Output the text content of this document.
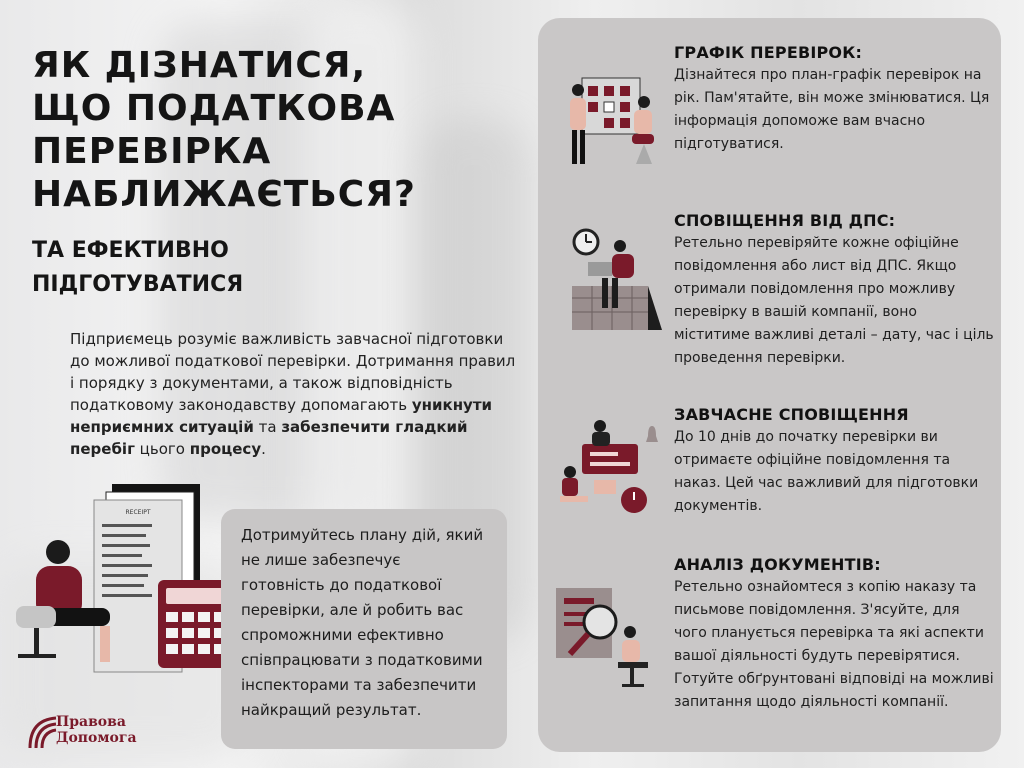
ЯК ДІЗНАТИСЯ,
ЩО ПОДАТКОВА
ПЕРЕВІРКА
НАБЛИЖАЄТЬСЯ?
ТА ЕФЕКТИВНО
ПІДГОТУВАТИСЯ

Підприємець розуміє важливість завчасної підготовки до можливої податкової перевірки. Дотримання правил і порядку з документами, а також відповідність податковому законодавству допомагають уникнути неприємних ситуацій та забезпечити гладкий перебіг цього процесу.

RECEIPT

Дотримуйтесь плану дій, який не лише забезпечує готовність до податкової перевірки, але й робить вас спроможними ефективно співпрацювати з податковими інспекторами та забезпечити найкращий результат.

Правова
Допомога
ГРАФІК ПЕРЕВІРОК:

Дізнайтеся про план-графік перевірок на рік. Пам'ятайте, він може змінюватися. Ця інформація допоможе вам вчасно підготуватися.

СПОВІЩЕННЯ ВІД ДПС:

Ретельно перевіряйте кожне офіційне повідомлення або лист від ДПС. Якщо отримали повідомлення про можливу перевірку в вашій компанії, воно міститиме важливі деталі – дату, час і ціль проведення перевірки.

ЗАВЧАСНЕ СПОВІЩЕННЯ

До 10 днів до початку перевірки ви отримаєте офіційне повідомлення та наказ. Цей час важливий для підготовки документів.

АНАЛІЗ ДОКУМЕНТІВ:

Ретельно ознайомтеся з копію наказу та письмове повідомлення. З'ясуйте, для чого планується перевірка та які аспекти вашої діяльності будуть перевірятися. Готуйте обґрунтовані відповіді на можливі запитання щодо діяльності компанії.
